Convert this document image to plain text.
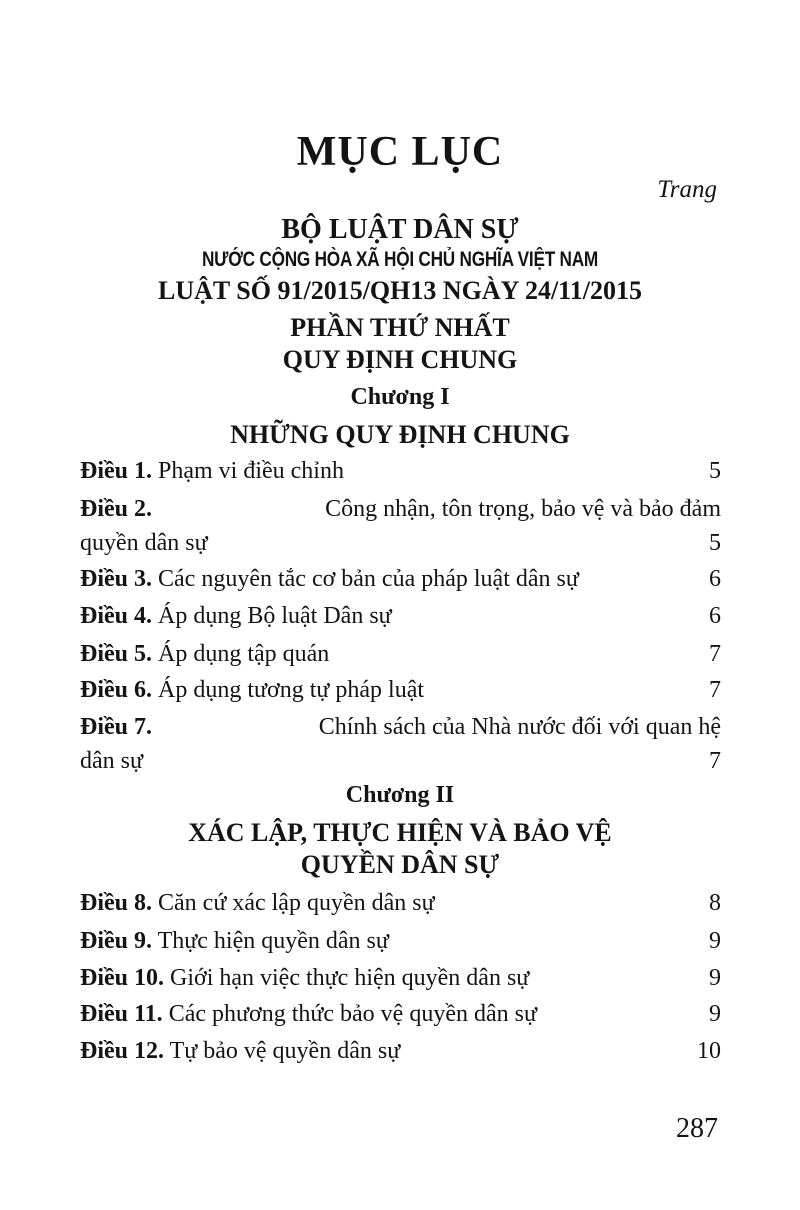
MỤC LỤC
Trang
BỘ LUẬT DÂN SỰ
NƯỚC CỘNG HÒA XÃ HỘI CHỦ NGHĨA VIỆT NAM
LUẬT SỐ 91/2015/QH13 NGÀY 24/11/2015
PHẦN THỨ NHẤT
QUY ĐỊNH CHUNG
Chương I
NHỮNG QUY ĐỊNH CHUNG
Điều 1. Phạm vi điều chỉnh	5
Điều 2.	Công nhận, tôn trọng, bảo vệ và bảo đảm
quyền dân sự	5
Điều 3. Các nguyên tắc cơ bản của pháp luật dân sự	6
Điều 4. Áp dụng Bộ luật Dân sự	6
Điều 5. Áp dụng tập quán	7
Điều 6. Áp dụng tương tự pháp luật	7
Điều 7.	Chính sách của Nhà nước đối với quan hệ
dân sự	7
Chương II
XÁC LẬP, THỰC HIỆN VÀ BẢO VỆ
QUYỀN DÂN SỰ
Điều 8. Căn cứ xác lập quyền dân sự	8
Điều 9. Thực hiện quyền dân sự	9
Điều 10. Giới hạn việc thực hiện quyền dân sự	9
Điều 11. Các phương thức bảo vệ quyền dân sự	9
Điều 12. Tự bảo vệ quyền dân sự	10
287
